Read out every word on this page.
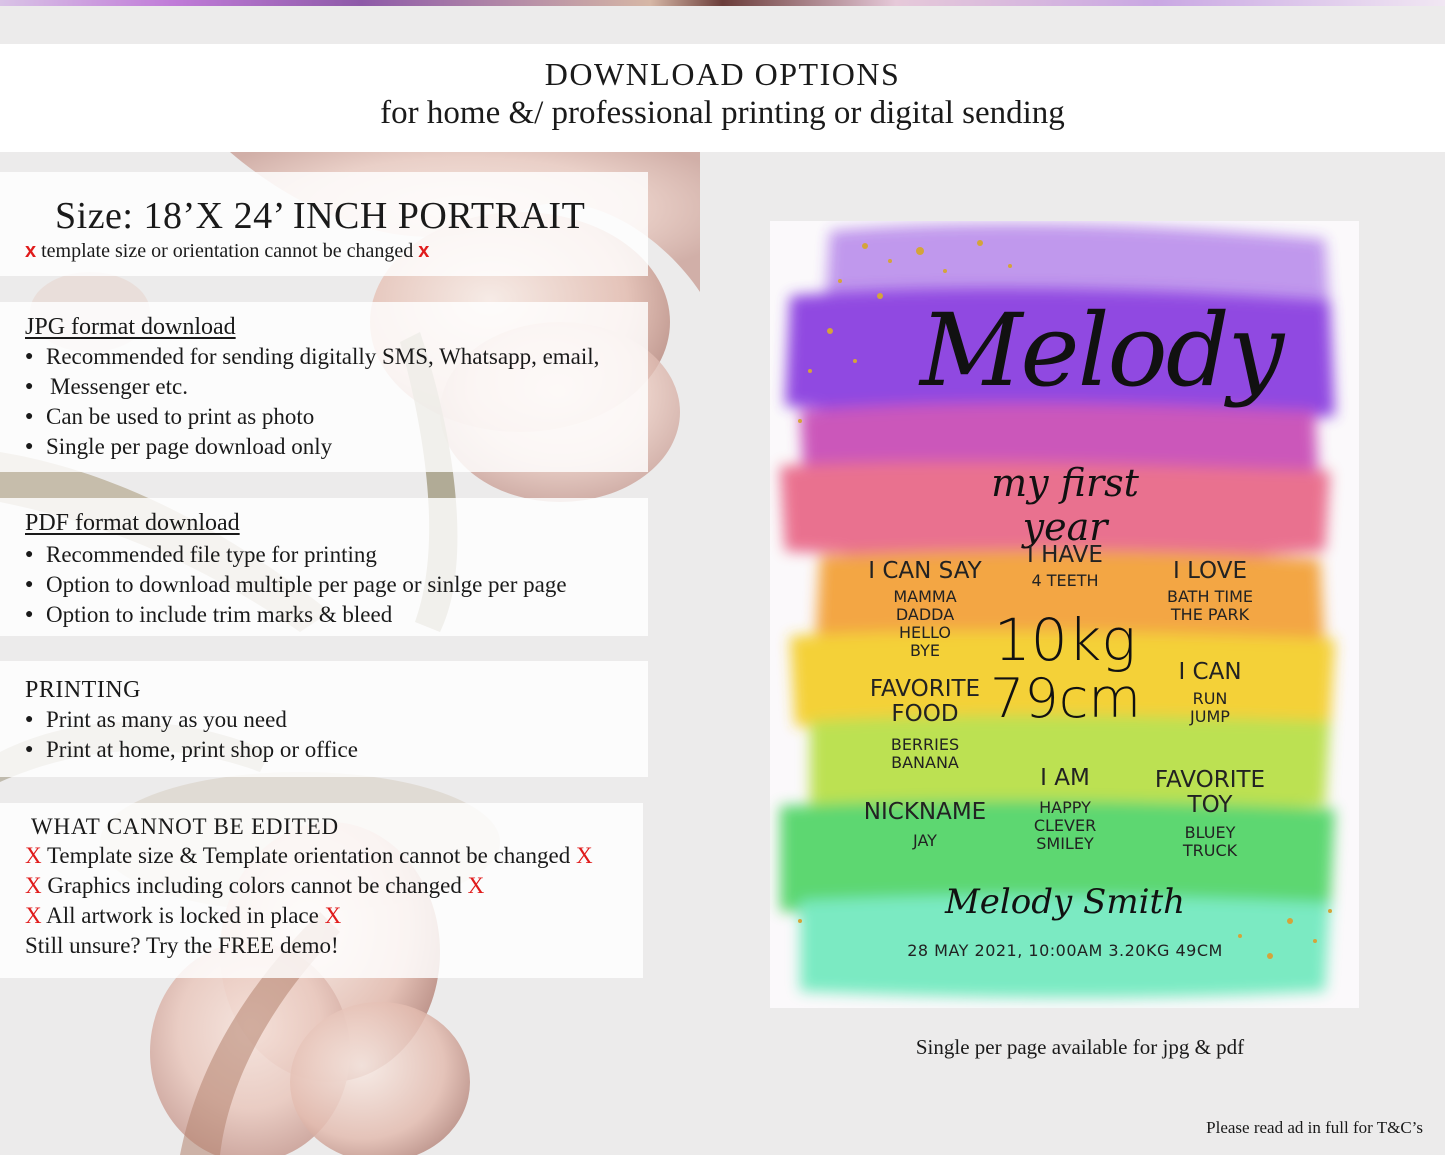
DOWNLOAD OPTIONS
for home &/ professional printing or digital sending
Size: 18’X 24’ INCH PORTRAIT
x template size or orientation cannot be changed x
JPG format download
● Recommended for sending digitally SMS, Whatsapp, email,
● Messenger etc.
● Can be used to print as photo
● Single per page download only
PDF format download
● Recommended file type for printing
● Option to download multiple per page or sinlge per page
● Option to include trim marks & bleed
PRINTING
● Print as many as you need
● Print at home, print shop or office
WHAT CANNOT BE EDITED
X Template size & Template orientation cannot be changed X
X Graphics including colors cannot be changed X
X All artwork is locked in place X
Still unsure? Try the FREE demo!
Melody
my first year
I CAN SAY
MAMMA
DADDA
HELLO
BYE
I HAVE
4 TEETH	I LOVE
BATH TIME
THE PARK
10kg
79cm
FAVORITE
FOOD
BERRIES
BANANA
I CAN
RUN
JUMP
I AM
HAPPY
CLEVER
SMILEY
NICKNAME
JAY
FAVORITE
TOY
BLUEY
TRUCK
Melody Smith
28 MAY 2021, 10:00AM 3.20KG 49CM
Single per page available for jpg & pdf
Please read ad in full for T&C’s
